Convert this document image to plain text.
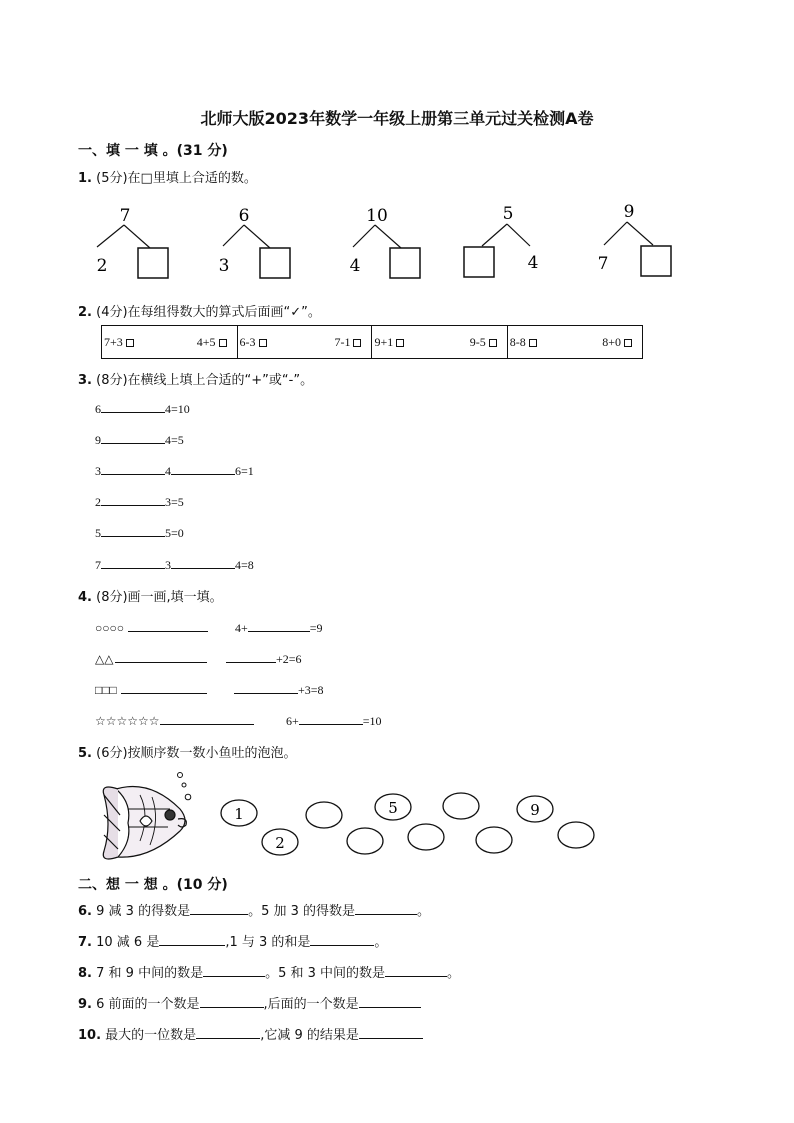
北师大版2023年数学一年级上册第三单元过关检测A卷
一、填 一 填 。(31 分)
1. (5分)在□里填上合适的数。
7
2
6
3
10
4
5
4
9
7
2. (4分)在每组得数大的算式后面画“✓”。
7+3	4+5	6-3	7-1	9+1	9-5	8-8	8+0
3. (8分)在横线上填上合适的“+”或“-”。
6	4=10
9	4=5
3	4	6=1
2	3=5
5	5=0
7	3	4=8
4. (8分)画一画,填一填。
○○○○	4+	=9
△△	+2=6
□□□	+3=8
☆☆☆☆☆☆	6+	=10
5. (6分)按顺序数一数小鱼吐的泡泡。
1
2
5	9
二、想 一 想 。(10 分)
6. 9 减 3 的得数是	。5 加 3 的得数是	。
7. 10 减 6 是	,1 与 3 的和是	。
8. 7 和 9 中间的数是	。5 和 3 中间的数是	。
9. 6 前面的一个数是	,后面的一个数是
10. 最大的一位数是	,它减 9 的结果是
